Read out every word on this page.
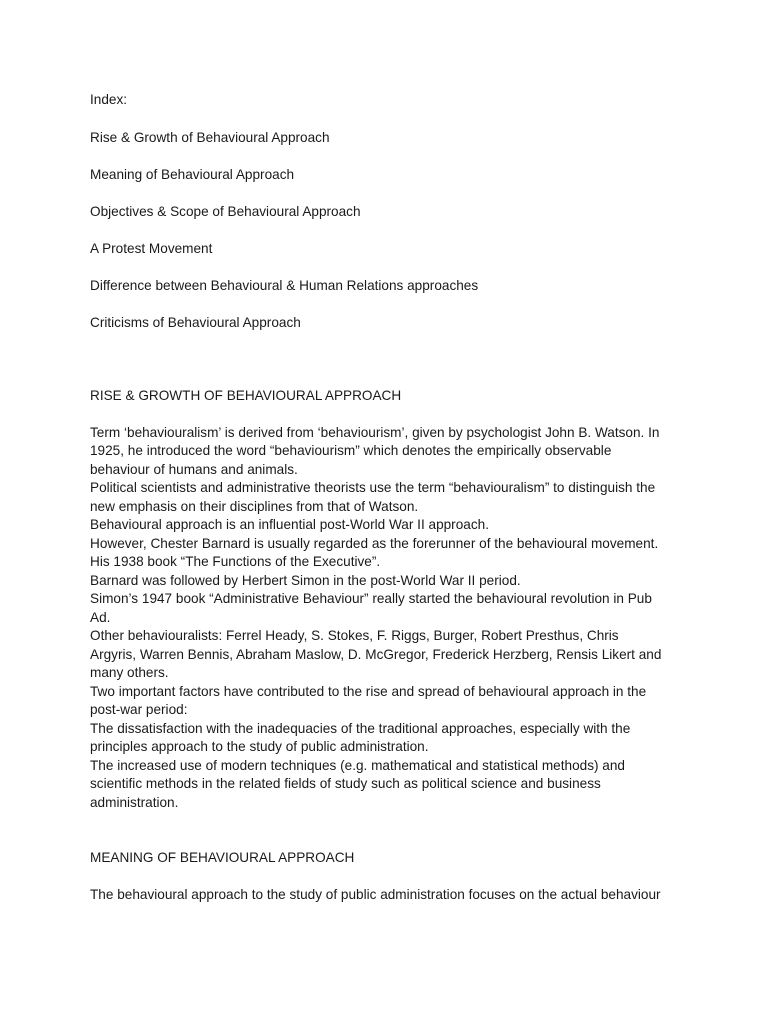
Index:
Rise & Growth of Behavioural Approach
Meaning of Behavioural Approach
Objectives & Scope of Behavioural Approach
A Protest Movement
Difference between Behavioural & Human Relations approaches
Criticisms of Behavioural Approach
RISE & GROWTH OF BEHAVIOURAL APPROACH
Term ‘behaviouralism’ is derived from ‘behaviourism’, given by psychologist John B. Watson. In
1925, he introduced the word “behaviourism” which denotes the empirically observable
behaviour of humans and animals.
Political scientists and administrative theorists use the term “behaviouralism” to distinguish the
new emphasis on their disciplines from that of Watson.
Behavioural approach is an influential post-World War II approach.
However, Chester Barnard is usually regarded as the forerunner of the behavioural movement.
His 1938 book “The Functions of the Executive”.
Barnard was followed by Herbert Simon in the post-World War II period.
Simon’s 1947 book “Administrative Behaviour” really started the behavioural revolution in Pub
Ad.
Other behaviouralists: Ferrel Heady, S. Stokes, F. Riggs, Burger, Robert Presthus, Chris
Argyris, Warren Bennis, Abraham Maslow, D. McGregor, Frederick Herzberg, Rensis Likert and
many others.
Two important factors have contributed to the rise and spread of behavioural approach in the
post-war period:
The dissatisfaction with the inadequacies of the traditional approaches, especially with the
principles approach to the study of public administration.
The increased use of modern techniques (e.g. mathematical and statistical methods) and
scientific methods in the related fields of study such as political science and business
administration.
MEANING OF BEHAVIOURAL APPROACH
The behavioural approach to the study of public administration focuses on the actual behaviour
